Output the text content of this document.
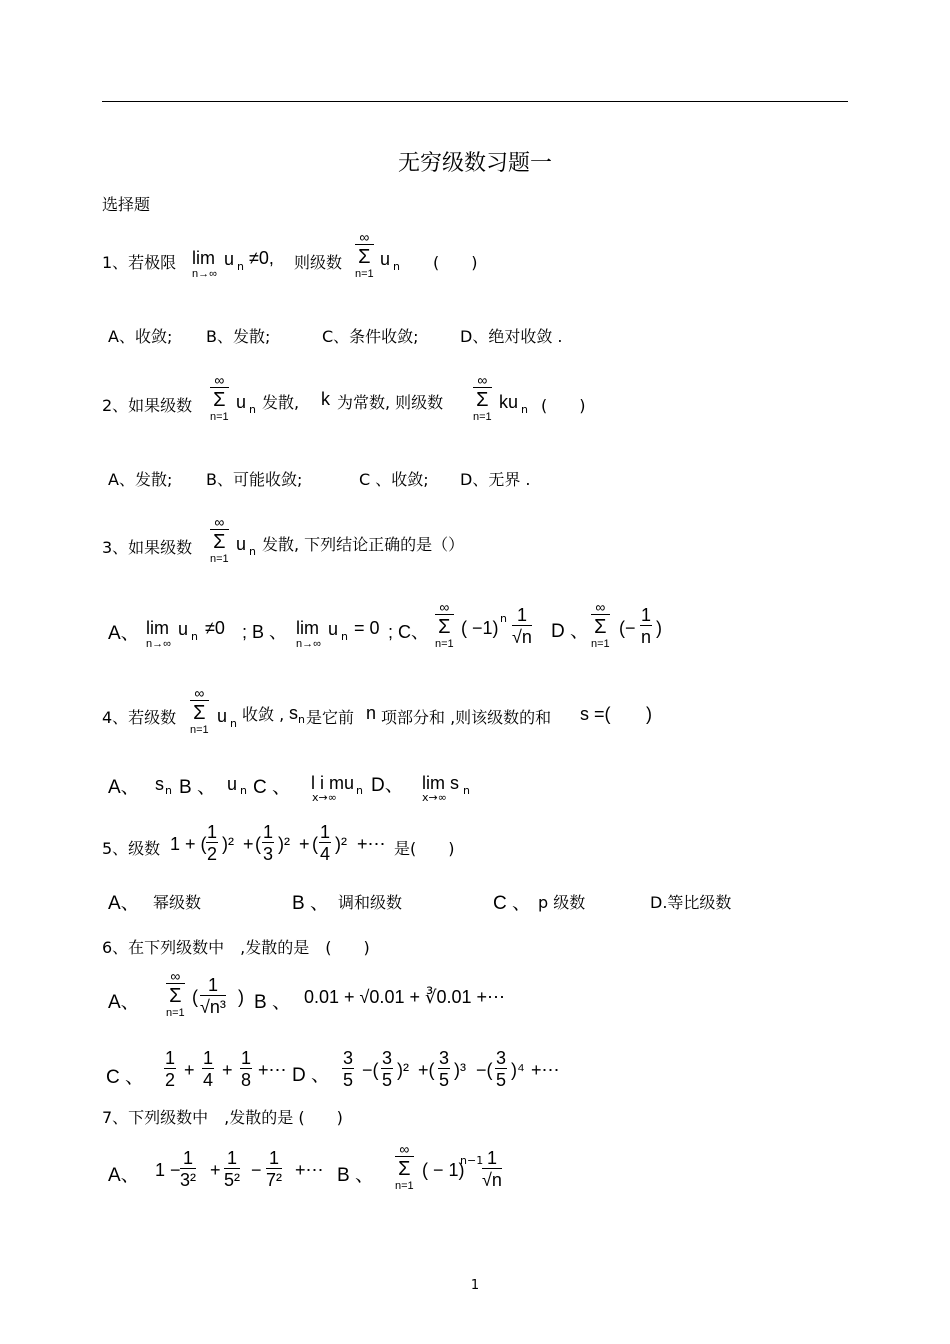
无穷级数习题一
选择题
1、若极限 lim
n→∞
u n ≠0, 则级数
∞
Σ
n=1
u n (　　)
A、收敛; B、发散;	C、条件收敛;	D、绝对收敛 .
2、如果级数
∞
Σ
n=1
u n 发散, k 为常数, 则级数
∞
Σ
n=1
ku n (　　)
A、发散; B、可能收敛;	C 、收敛; D、无界 .
3、如果级数
∞
Σ
n=1
u n 发散, 下列结论正确的是（）
A、 lim
n→∞
u n ≠0 ; B 、 lim
n→∞
u n = 0 ; C、
∞
Σ
n=1
( −1) n $\frac{1}{√n}$ D 、
∞
Σ
n=1
(− $\frac{1}{n}$ )
4、若级数
∞
Σ
n=1
u n 收敛 , s n 是它前 n 项部分和 ,则该级数的和 s =( )
A、 s n B 、 u n C 、 l i mu n
x→∞
D、 lim s n
x→∞
5、级数 1 + ( $\frac{1}{2} )^2$ + ( $\frac{1}{3} )^2$ + ( $\frac{1}{4} )^2$ +⋯ 是(　　)
A、 幂级数	B 、 调和级数	C 、 p 级数	D.等比级数
6、在下列级数中　,发散的是　(　　)
A、
∞
Σ
n=1
( $\frac{1}{\text{√n³}}$ ) B 、 0.01 + √0.01 + ∛0.01 +⋯
C 、 $\frac{1}{2} + \frac{1}{4} + \frac{1}{8}$ +⋯ D 、 $\frac{3}{5}$ −( $\frac{3}{5} )^2$ +( $\frac{3}{5} )^3$ −( $\frac{3}{5} )^4$ +⋯
7、下列级数中　,发散的是 (　　)
A、 $1 - \frac{1}{\text{3²}} + \frac{1}{\text{5²}} - \frac{1}{\text{7²}}$ +⋯ B 、
∞
Σ
n=1
( − 1)
n−1
$\frac{1}{√n}$
1
